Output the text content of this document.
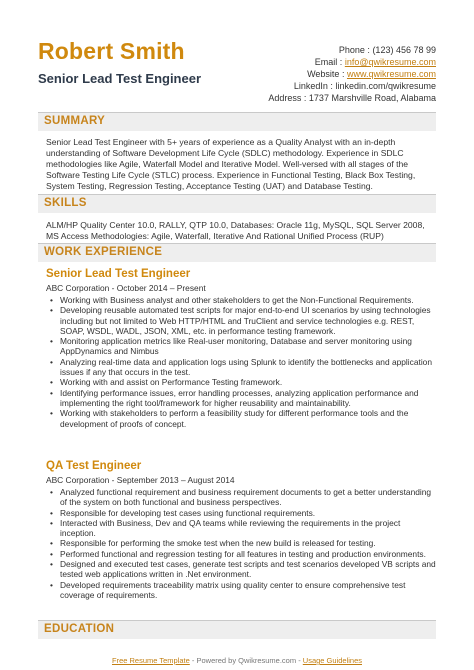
Robert Smith
Senior Lead Test Engineer
Phone : (123) 456 78 99
Email : info@qwikresume.com
Website : www.qwikresume.com
LinkedIn : linkedin.com/qwikresume
Address : 1737 Marshville Road, Alabama
SUMMARY
Senior Lead Test Engineer with 5+ years of experience as a Quality Analyst with an in-depth understanding of Software Development Life Cycle (SDLC) methodology. Experience in SDLC methodologies like Agile, Waterfall Model and Iterative Model. Well-versed with all stages of the Software Testing Life Cycle (STLC) process. Experience in Functional Testing, Black Box Testing, System Testing, Regression Testing, Acceptance Testing (UAT) and Database Testing.
SKILLS
ALM/HP Quality Center 10.0, RALLY, QTP 10.0, Databases: Oracle 11g, MySQL, SQL Server 2008, MS Access Methodologies: Agile, Waterfall, Iterative And Rational Unified Process (RUP)
WORK EXPERIENCE
Senior Lead Test Engineer
ABC Corporation - October 2014 – Present
• Working with Business analyst and other stakeholders to get the Non-Functional Requirements.
• Developing reusable automated test scripts for major end-to-end UI scenarios by using technologies including but not limited to Web HTTP/HTML and TruClient and service technologies e.g. REST, SOAP, WSDL, WADL, JSON, XML, etc. in performance testing framework.
• Monitoring application metrics like Real-user monitoring, Database and server monitoring using AppDynamics and Nimbus
• Analyzing real-time data and application logs using Splunk to identify the bottlenecks and application issues if any that occurs in the test.
• Working with and assist on Performance Testing framework.
• Identifying performance issues, error handling processes, analyzing application performance and implementing the right tool/framework for higher reusability and maintainability.
• Working with stakeholders to perform a feasibility study for different performance tools and the development of proofs of concept.
QA Test Engineer
ABC Corporation - September 2013 – August 2014
• Analyzed functional requirement and business requirement documents to get a better understanding of the system on both functional and business perspectives.
• Responsible for developing test cases using functional requirements.
• Interacted with Business, Dev and QA teams while reviewing the requirements in the project inception.
• Responsible for performing the smoke test when the new build is released for testing.
• Performed functional and regression testing for all features in testing and production environments.
• Designed and executed test cases, generate test scripts and test scenarios developed VB scripts and tested web applications written in .Net environment.
• Developed requirements traceability matrix using quality center to ensure comprehensive test coverage of requirements.
EDUCATION
Free Resume Template - Powered by Qwikresume.com - Usage Guidelines
